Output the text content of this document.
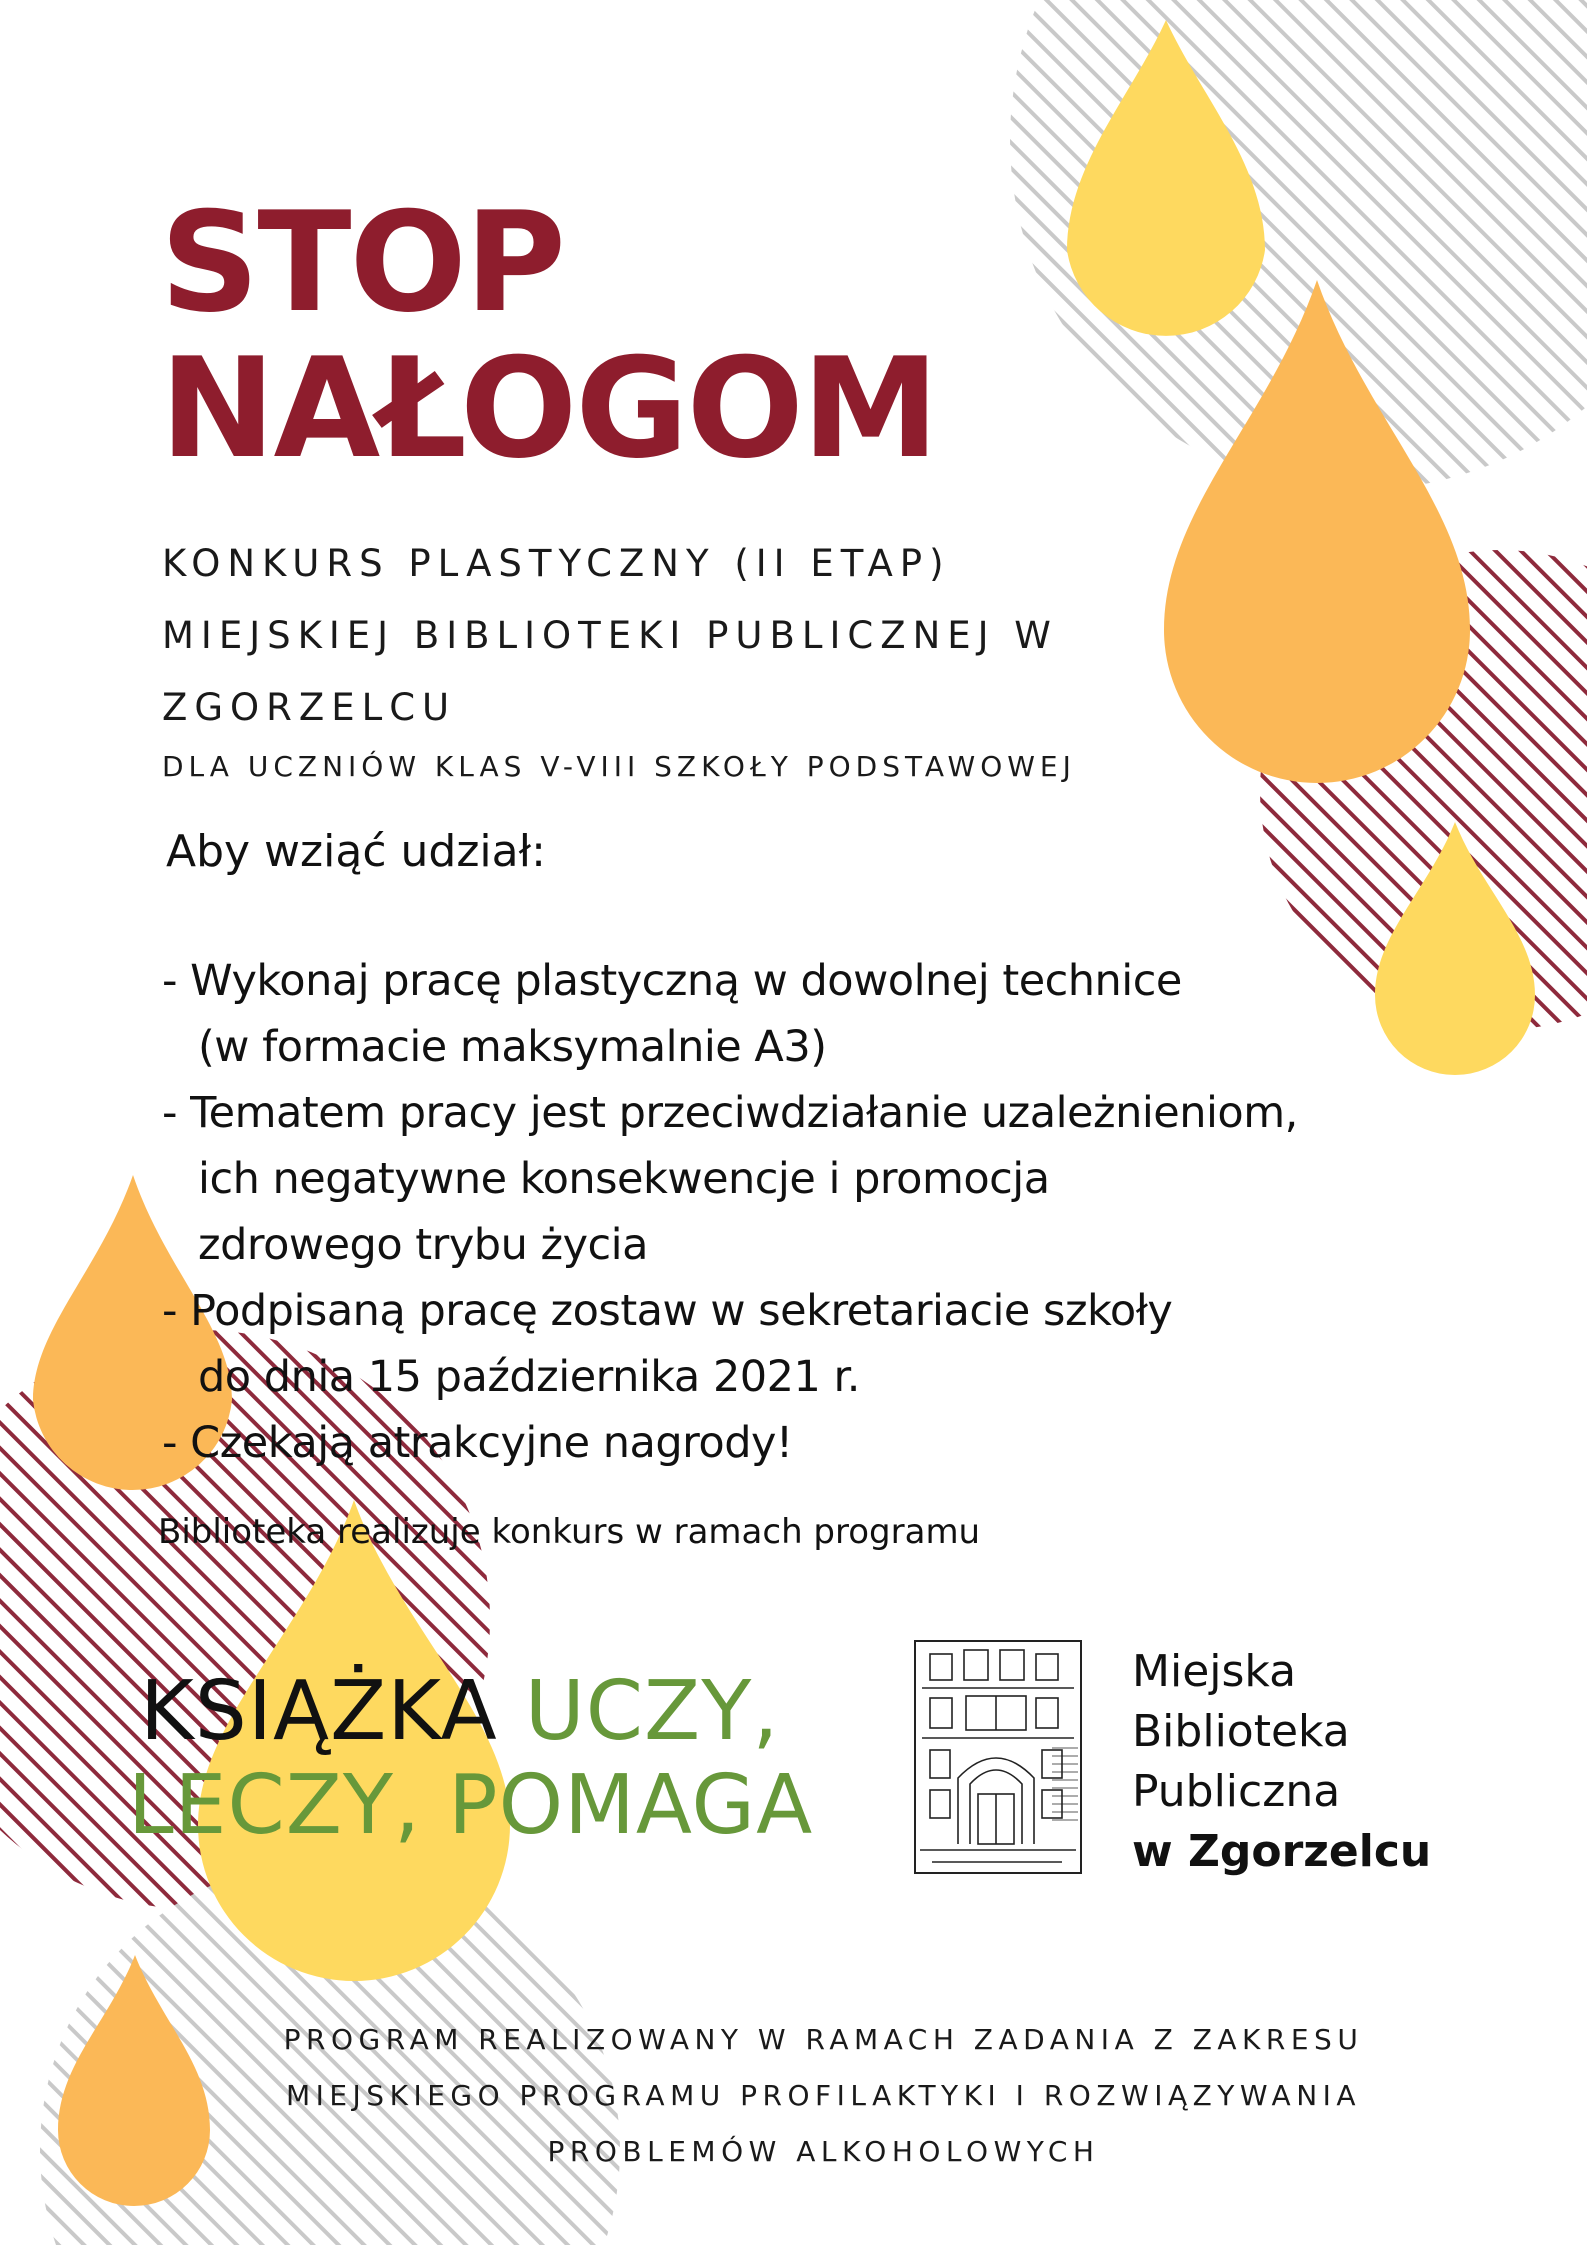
STOP
NAŁOGOM
KONKURS PLASTYCZNY (II ETAP)
MIEJSKIEJ BIBLIOTEKI PUBLICZNEJ W
ZGORZELCU
DLA UCZNIÓW KLAS V-VIII SZKOŁY PODSTAWOWEJ
Aby wziąć udział:
- Wykonaj pracę plastyczną w dowolnej technice
(w formacie maksymalnie A3)
- Tematem pracy jest przeciwdziałanie uzależnieniom,
ich negatywne konsekwencje i promocja
zdrowego trybu życia
- Podpisaną pracę zostaw w sekretariacie szkoły
do dnia 15 października 2021 r.
- Czekają atrakcyjne nagrody!
Biblioteka realizuje konkurs w ramach programu
KSIĄŻKA UCZY,
LECZY, POMAGA
Miejska
Biblioteka
Publiczna
w Zgorzelcu
PROGRAM REALIZOWANY W RAMACH ZADANIA Z ZAKRESU
MIEJSKIEGO PROGRAMU PROFILAKTYKI I ROZWIĄZYWANIA
PROBLEMÓW ALKOHOLOWYCH
